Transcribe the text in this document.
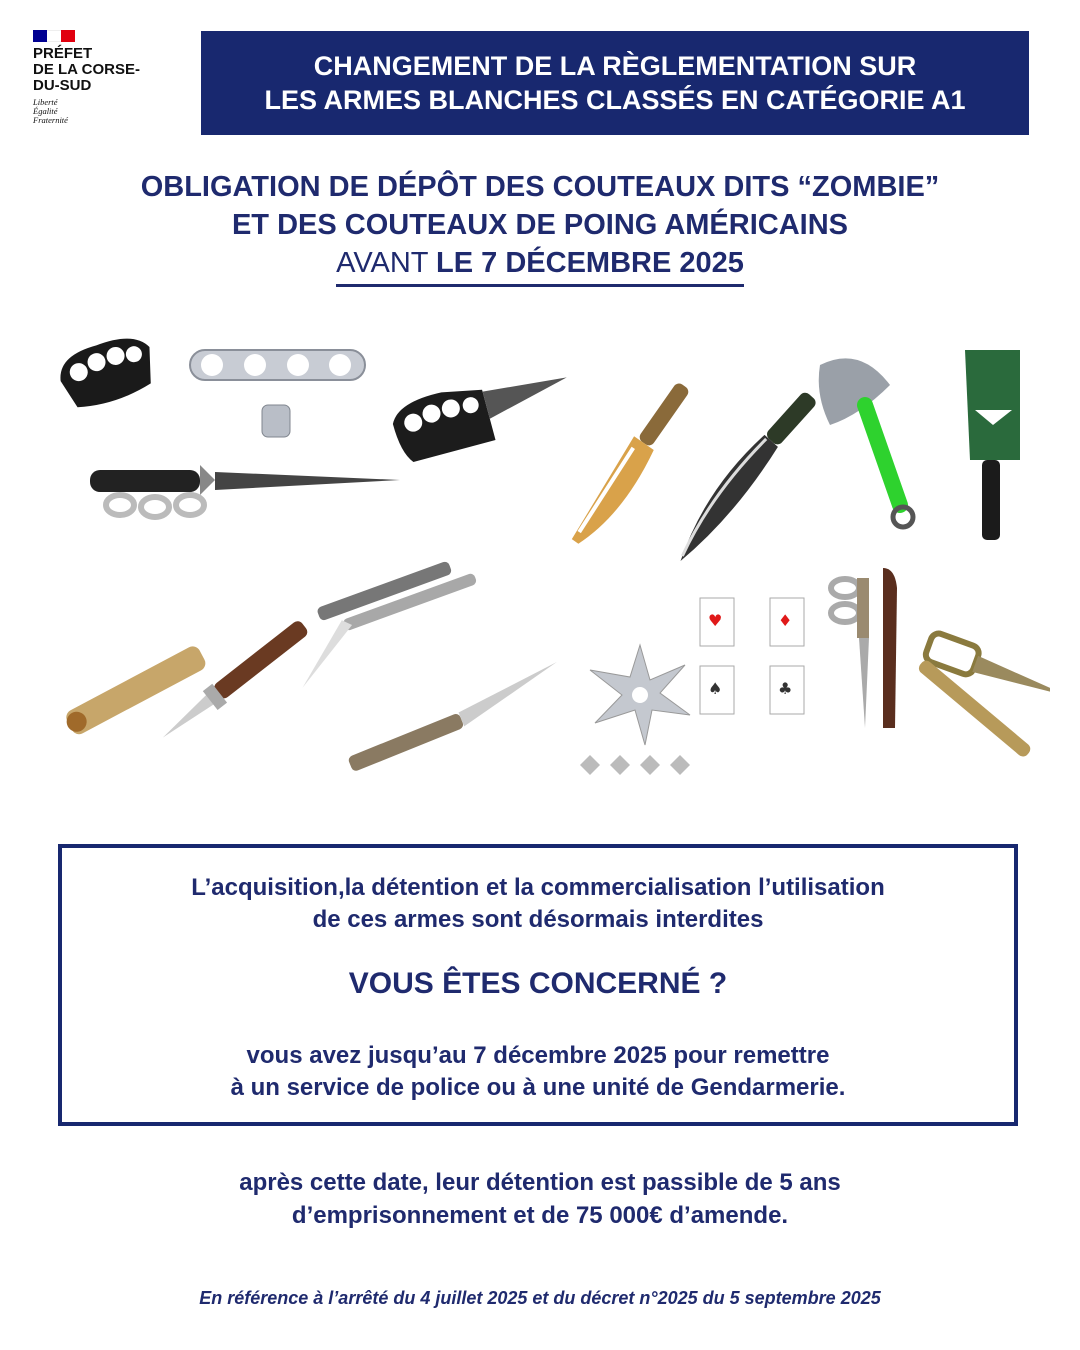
PRÉFET
DE LA CORSE-
DU-SUD
Liberté
Égalité
Fraternité
CHANGEMENT DE LA RÈGLEMENTATION SUR
LES ARMES BLANCHES CLASSÉS EN CATÉGORIE A1
OBLIGATION DE DÉPÔT DES COUTEAUX DITS “ZOMBIE”
ET DES COUTEAUX DE POING AMÉRICAINS
AVANT LE 7 DÉCEMBRE 2025
♥	♦
♠	♣
L’acquisition,la détention et la commercialisation l’utilisation
de ces armes sont désormais interdites
VOUS ÊTES CONCERNÉ ?
vous avez jusqu’au 7 décembre 2025 pour remettre
à un service de police ou à une unité de Gendarmerie.
après cette date, leur détention est passible de 5 ans
d’emprisonnement et de 75 000€ d’amende.
En référence à l’arrêté du 4 juillet 2025 et du décret n°2025 du 5 septembre 2025
